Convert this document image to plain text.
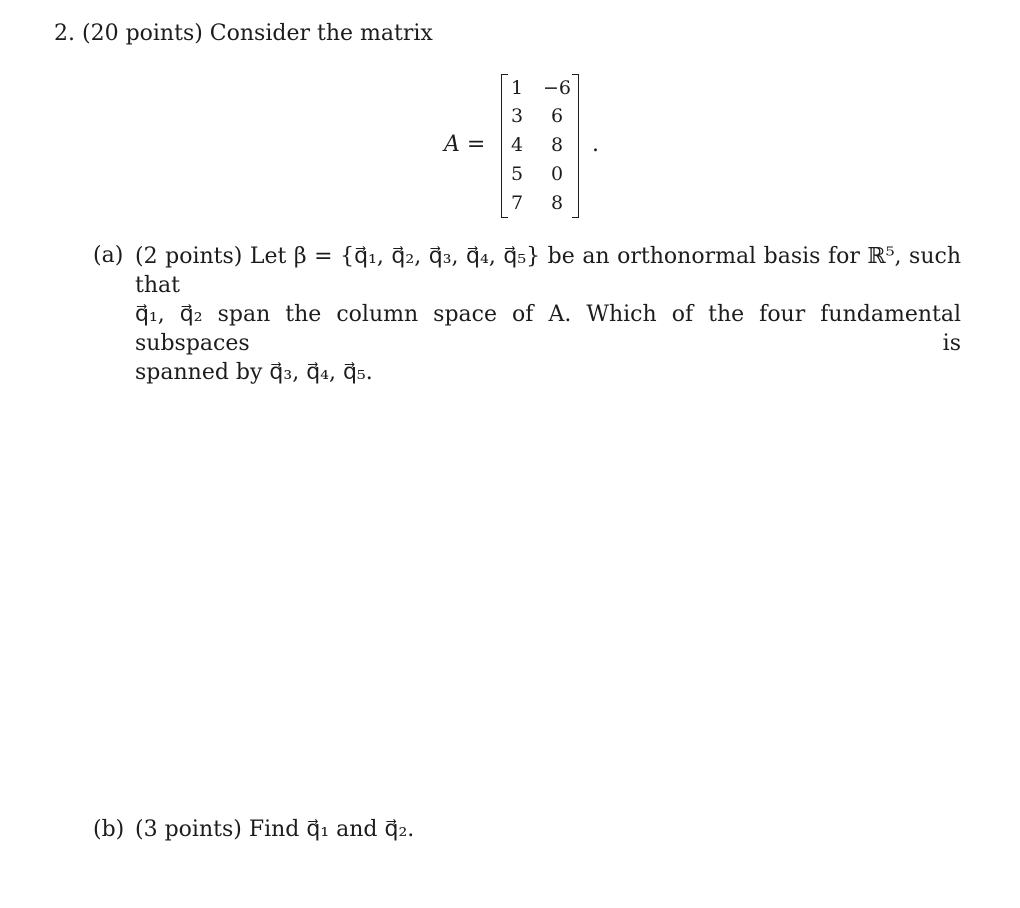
2. (20 points) Consider the matrix
A =
1 −6
3	6
4	8
5	0
7	8
.
(a) (2 points) Let β = {q⃗₁, q⃗₂, q⃗₃, q⃗₄, q⃗₅} be an orthonormal basis for ℝ⁵, such that
q⃗₁, q⃗₂ span the column space of A. Which of the four fundamental subspaces is
spanned by q⃗₃, q⃗₄, q⃗₅.
(b) (3 points) Find q⃗₁ and q⃗₂.
